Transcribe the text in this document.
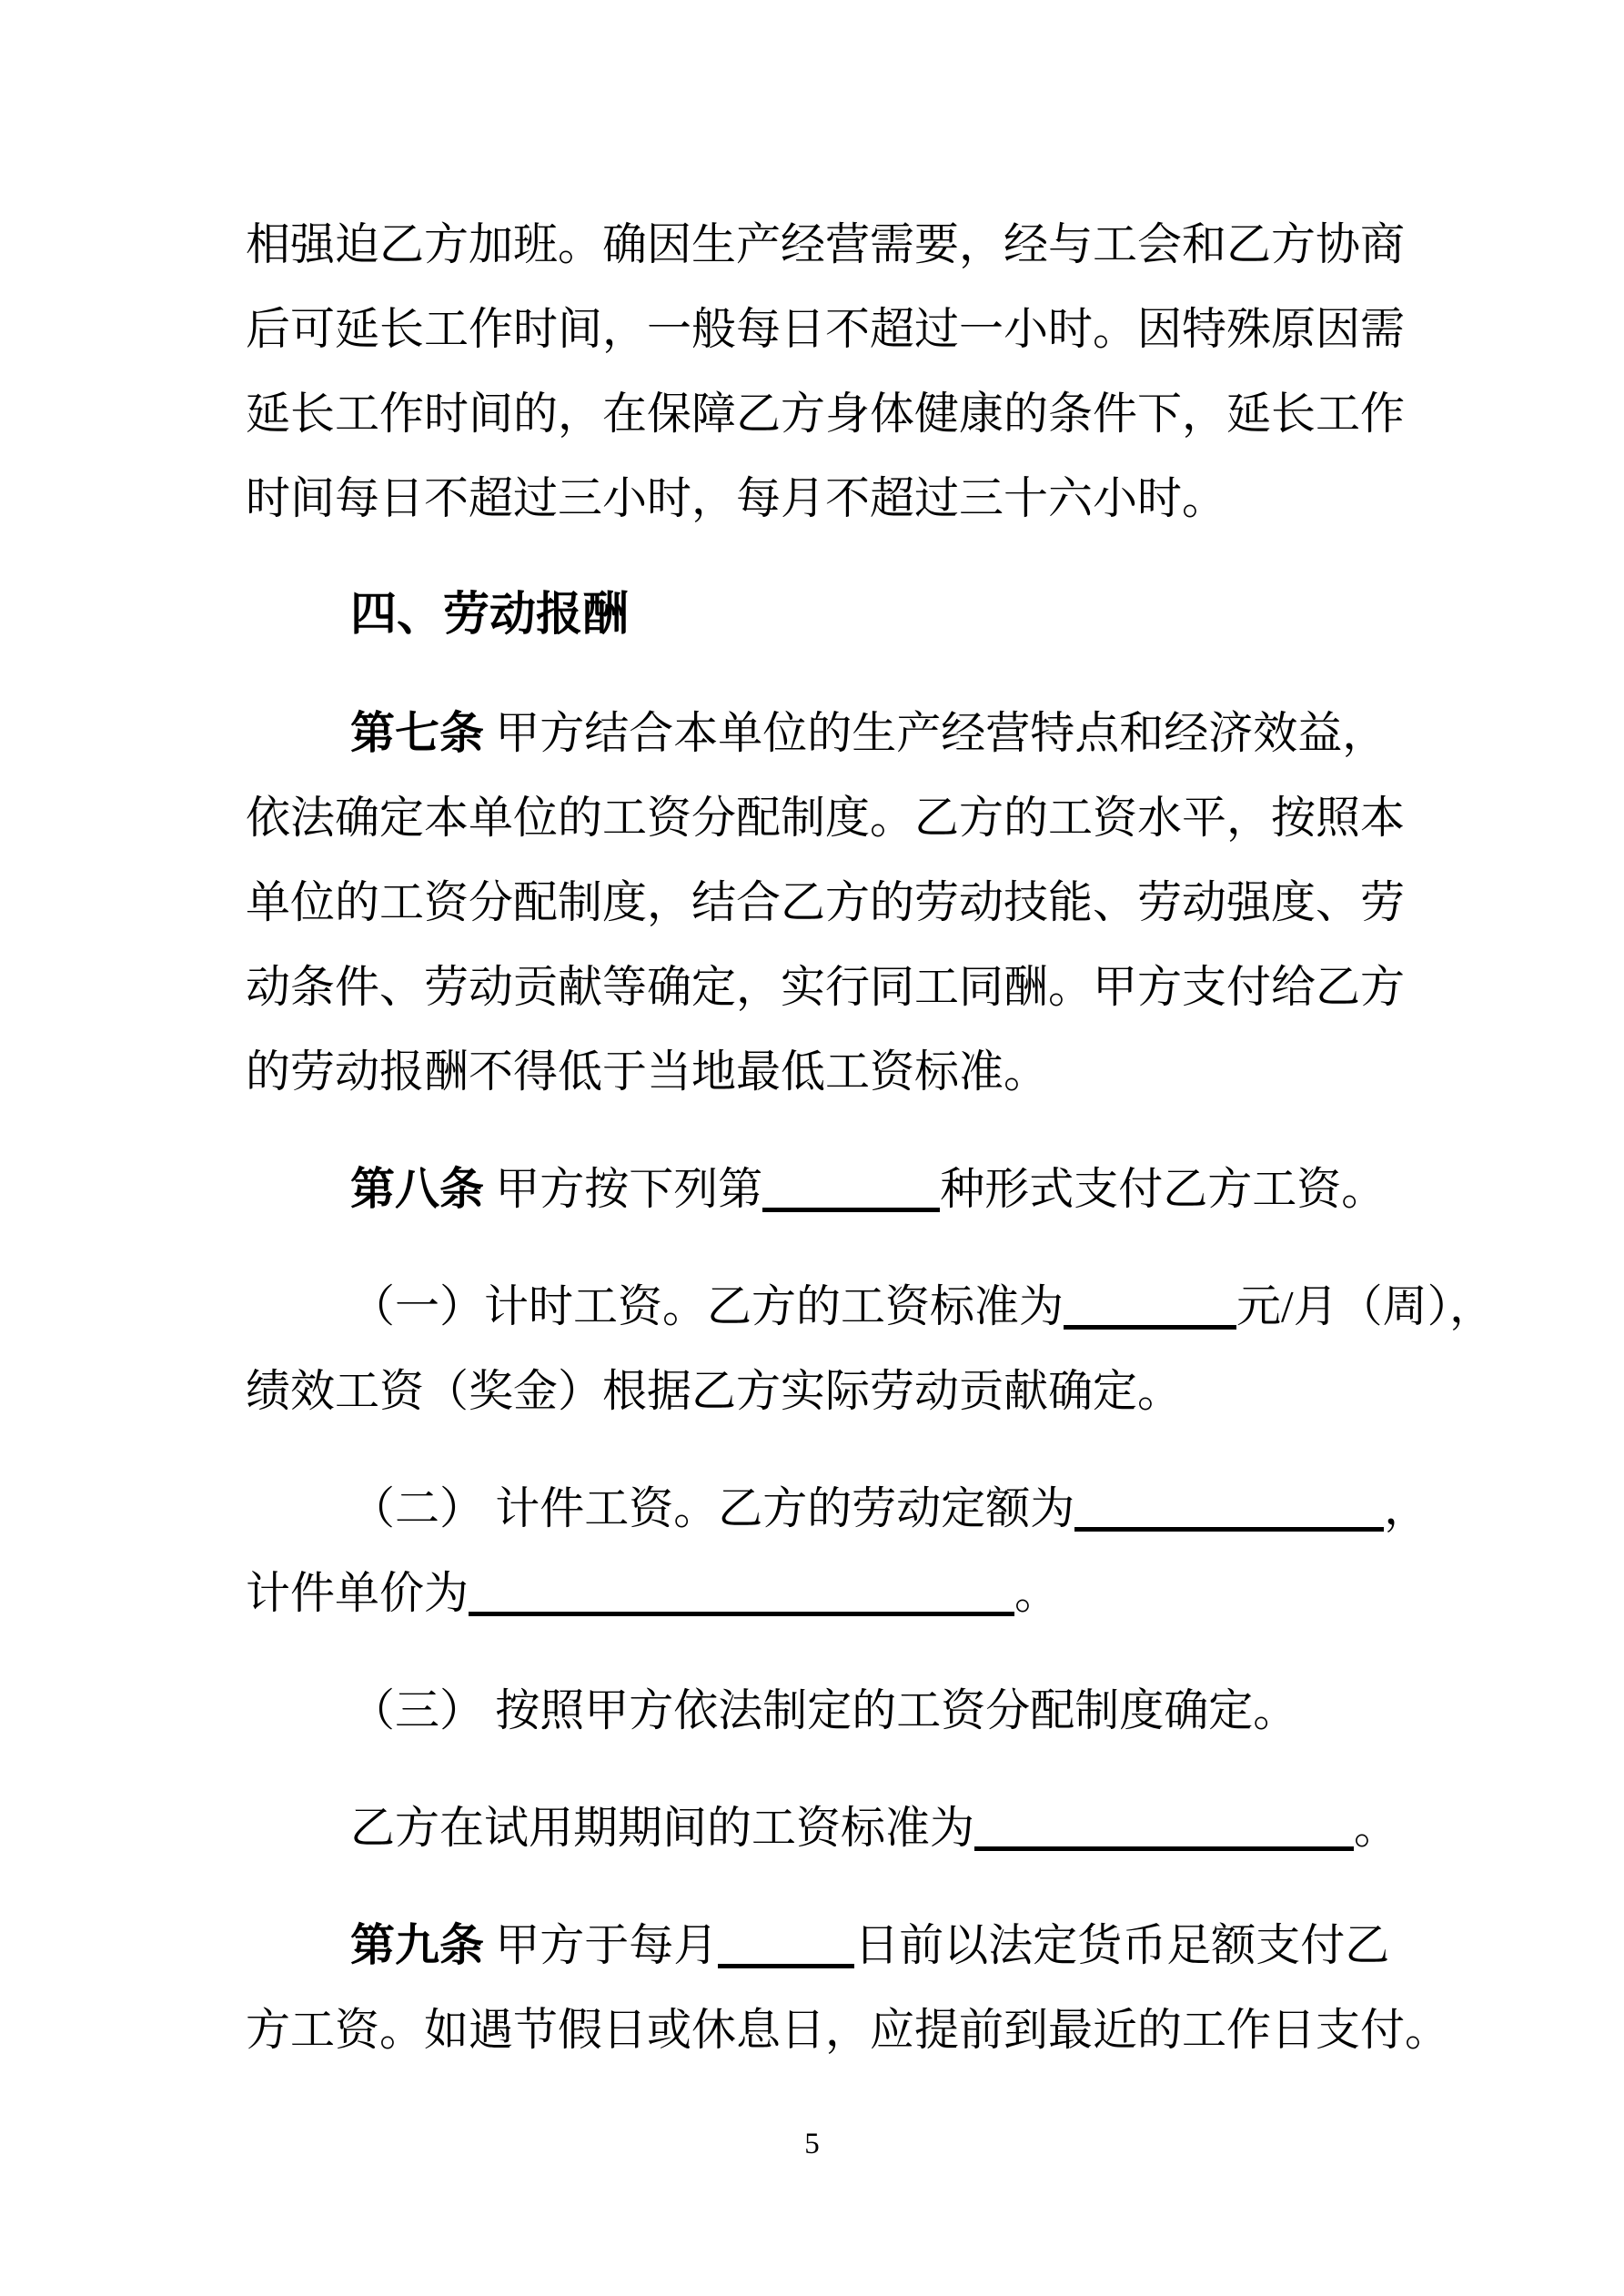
相强迫乙方加班。确因生产经营需要，经与工会和乙方协商
后可延长工作时间，一般每日不超过一小时。因特殊原因需
延长工作时间的，在保障乙方身体健康的条件下，延长工作
时间每日不超过三小时，每月不超过三十六小时。
四、劳动报酬
第七条 甲方结合本单位的生产经营特点和经济效益，
依法确定本单位的工资分配制度。乙方的工资水平，按照本
单位的工资分配制度，结合乙方的劳动技能、劳动强度、劳
动条件、劳动贡献等确定，实行同工同酬。甲方支付给乙方
的劳动报酬不得低于当地最低工资标准。
第八条 甲方按下列第	种形式支付乙方工资。
（一）计时工资。乙方的工资标准为	元/月（周），
绩效工资（奖金）根据乙方实际劳动贡献确定。
（二） 计件工资。乙方的劳动定额为	，
计件单价为	。
（三） 按照甲方依法制定的工资分配制度确定。
乙方在试用期期间的工资标准为	。
第九条 甲方于每月	日前以法定货币足额支付乙
方工资。如遇节假日或休息日，应提前到最近的工作日支付。
5
